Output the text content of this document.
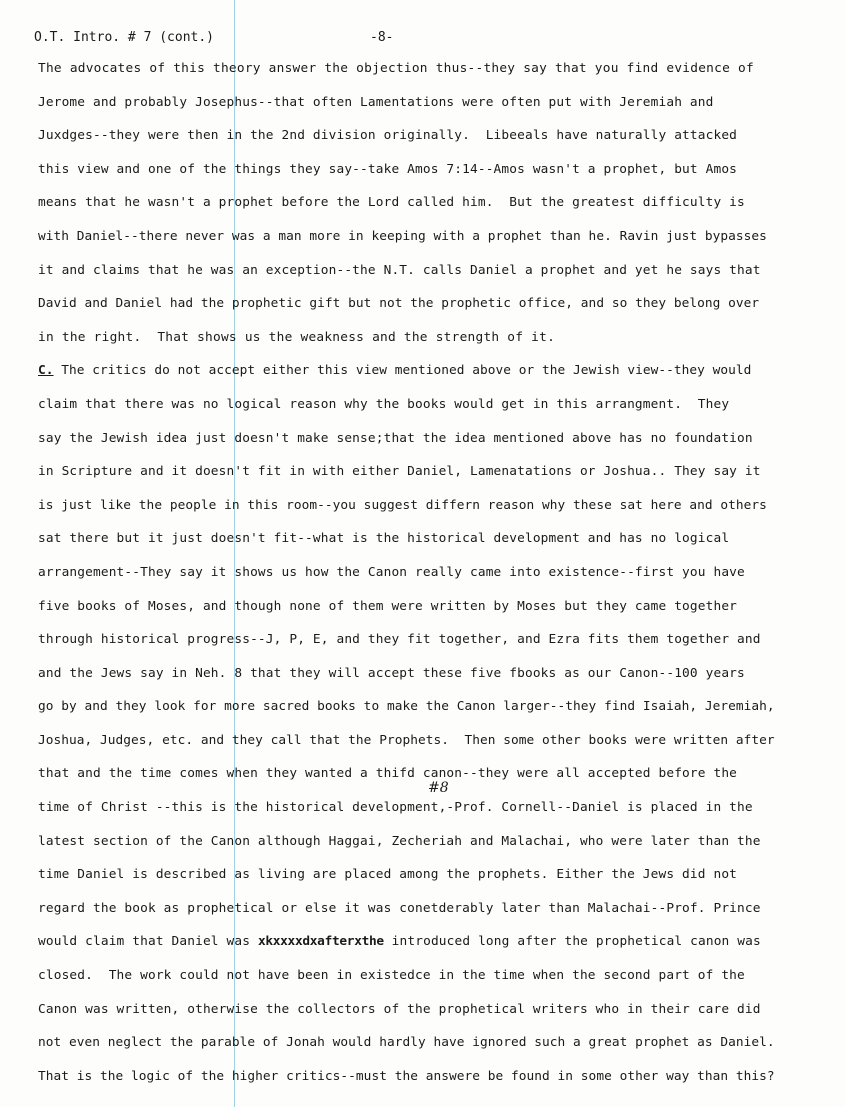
O.T. Intro. # 7 (cont.)

	-8-

The advocates of this theory answer the objection thus--they say that you find evidence of
Jerome and probably Josephus--that often Lamentations were often put with Jeremiah and
Juxdges--they were then in the 2nd division originally.  Libeeals have naturally attacked
this view and one of the things they say--take Amos 7:14--Amos wasn't a prophet, but Amos
means that he wasn't a prophet before the Lord called him.  But the greatest difficulty is
with Daniel--there never was a man more in keeping with a prophet than he. Ravin just bypasses
it and claims that he was an exception--the N.T. calls Daniel a prophet and yet he says that
David and Daniel had the prophetic gift but not the prophetic office, and so they belong over
in the right.  That shows us the weakness and the strength of it.
C. The critics do not accept either this view mentioned above or the Jewish view--they would
claim that there was no logical reason why the books would get in this arrangment.  They
say the Jewish idea just doesn't make sense;that the idea mentioned above has no foundation
in Scripture and it doesn't fit in with either Daniel, Lamenatations or Joshua.. They say it
is just like the people in this room--you suggest differn reason why these sat here and others
sat there but it just doesn't fit--what is the historical development and has no logical
arrangement--They say it shows us how the Canon really came into existence--first you have
five books of Moses, and though none of them were written by Moses but they came together
through historical progress--J, P, E, and they fit together, and Ezra fits them together and
and the Jews say in Neh. 8 that they will accept these five fbooks as our Canon--100 years
go by and they look for more sacred books to make the Canon larger--they find Isaiah, Jeremiah,
Joshua, Judges, etc. and they call that the Prophets.  Then some other books were written after
that and the time comes when they wanted a thifd canon--they were all accepted before the
time of Christ --this is the historical development,-Prof. Cornell--Daniel is placed in the
latest section of the Canon although Haggai, Zecheriah and Malachai, who were later than the
time Daniel is described as living are placed among the prophets. Either the Jews did not
regard the book as prophetical or else it was conetderably later than Malachai--Prof. Prince
would claim that Daniel was xkxxxxdxafterxthe introduced long after the prophetical canon was
closed.  The work could not have been in existedce in the time when the second part of the
Canon was written, otherwise the collectors of the prophetical writers who in their care did
not even neglect the parable of Jonah would hardly have ignored such a great prophet as Daniel.
That is the logic of the higher critics--must the answere be found in some other way than this?
#8
